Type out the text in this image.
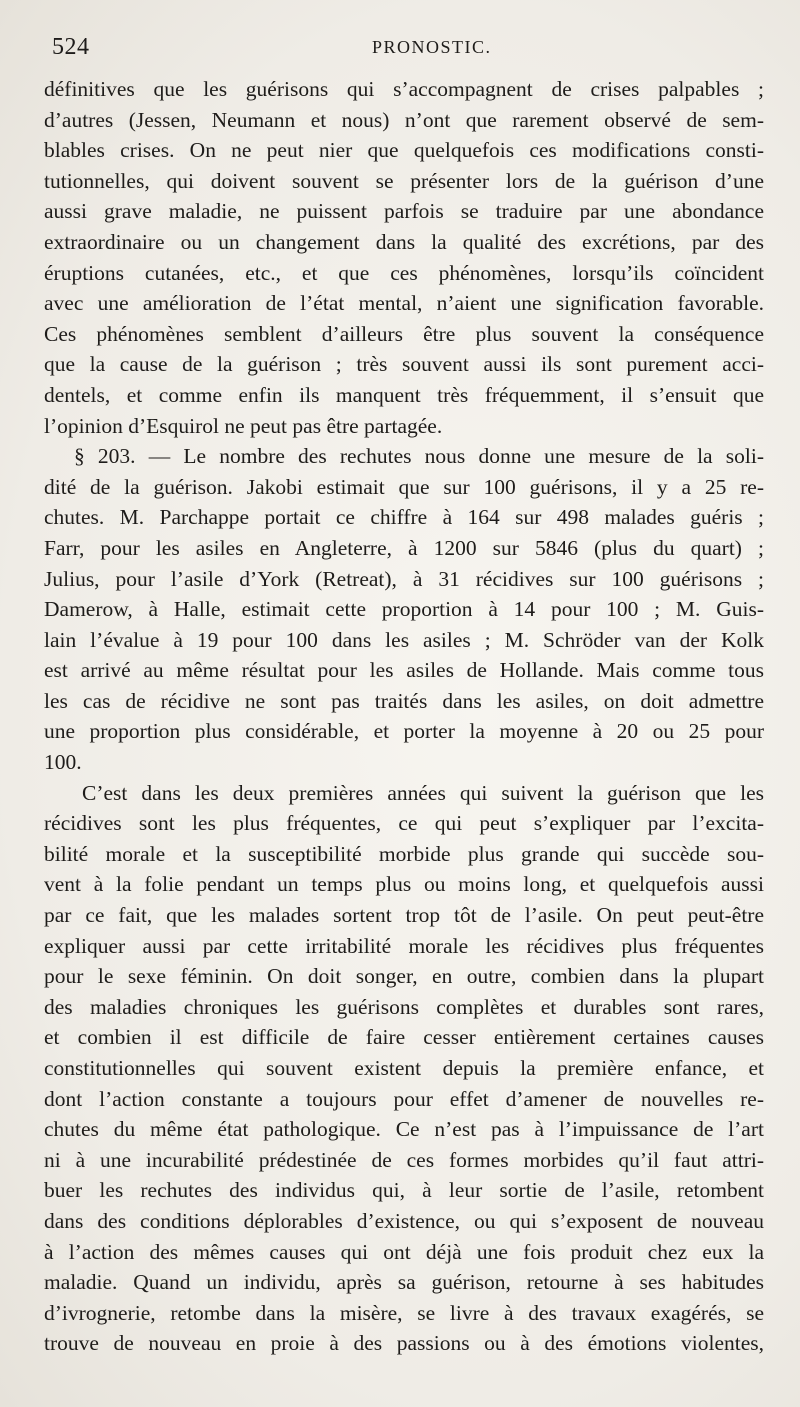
524	PRONOSTIC.
définitives que les guérisons qui s’accompagnent de crises palpables ;
d’autres (Jessen, Neumann et nous) n’ont que rarement observé de sem-
blables crises. On ne peut nier que quelquefois ces modifications consti-
tutionnelles, qui doivent souvent se présenter lors de la guérison d’une
aussi grave maladie, ne puissent parfois se traduire par une abondance
extraordinaire ou un changement dans la qualité des excrétions, par des
éruptions cutanées, etc., et que ces phénomènes, lorsqu’ils coïncident
avec une amélioration de l’état mental, n’aient une signification favorable.
Ces phénomènes semblent d’ailleurs être plus souvent la conséquence
que la cause de la guérison ; très souvent aussi ils sont purement acci-
dentels, et comme enfin ils manquent très fréquemment, il s’ensuit que
l’opinion d’Esquirol ne peut pas être partagée.
§ 203. — Le nombre des rechutes nous donne une mesure de la soli-
dité de la guérison. Jakobi estimait que sur 100 guérisons, il y a 25 re-
chutes. M. Parchappe portait ce chiffre à 164 sur 498 malades guéris ;
Farr, pour les asiles en Angleterre, à 1200 sur 5846 (plus du quart) ;
Julius, pour l’asile d’York (Retreat), à 31 récidives sur 100 guérisons ;
Damerow, à Halle, estimait cette proportion à 14 pour 100 ; M. Guis-
lain l’évalue à 19 pour 100 dans les asiles ; M. Schröder van der Kolk
est arrivé au même résultat pour les asiles de Hollande. Mais comme tous
les cas de récidive ne sont pas traités dans les asiles, on doit admettre
une proportion plus considérable, et porter la moyenne à 20 ou 25 pour
100.
C’est dans les deux premières années qui suivent la guérison que les
récidives sont les plus fréquentes, ce qui peut s’expliquer par l’excita-
bilité morale et la susceptibilité morbide plus grande qui succède sou-
vent à la folie pendant un temps plus ou moins long, et quelquefois aussi
par ce fait, que les malades sortent trop tôt de l’asile. On peut peut-être
expliquer aussi par cette irritabilité morale les récidives plus fréquentes
pour le sexe féminin. On doit songer, en outre, combien dans la plupart
des maladies chroniques les guérisons complètes et durables sont rares,
et combien il est difficile de faire cesser entièrement certaines causes
constitutionnelles qui souvent existent depuis la première enfance, et
dont l’action constante a toujours pour effet d’amener de nouvelles re-
chutes du même état pathologique. Ce n’est pas à l’impuissance de l’art
ni à une incurabilité prédestinée de ces formes morbides qu’il faut attri-
buer les rechutes des individus qui, à leur sortie de l’asile, retombent
dans des conditions déplorables d’existence, ou qui s’exposent de nouveau
à l’action des mêmes causes qui ont déjà une fois produit chez eux la
maladie. Quand un individu, après sa guérison, retourne à ses habitudes
d’ivrognerie, retombe dans la misère, se livre à des travaux exagérés, se
trouve de nouveau en proie à des passions ou à des émotions violentes,
